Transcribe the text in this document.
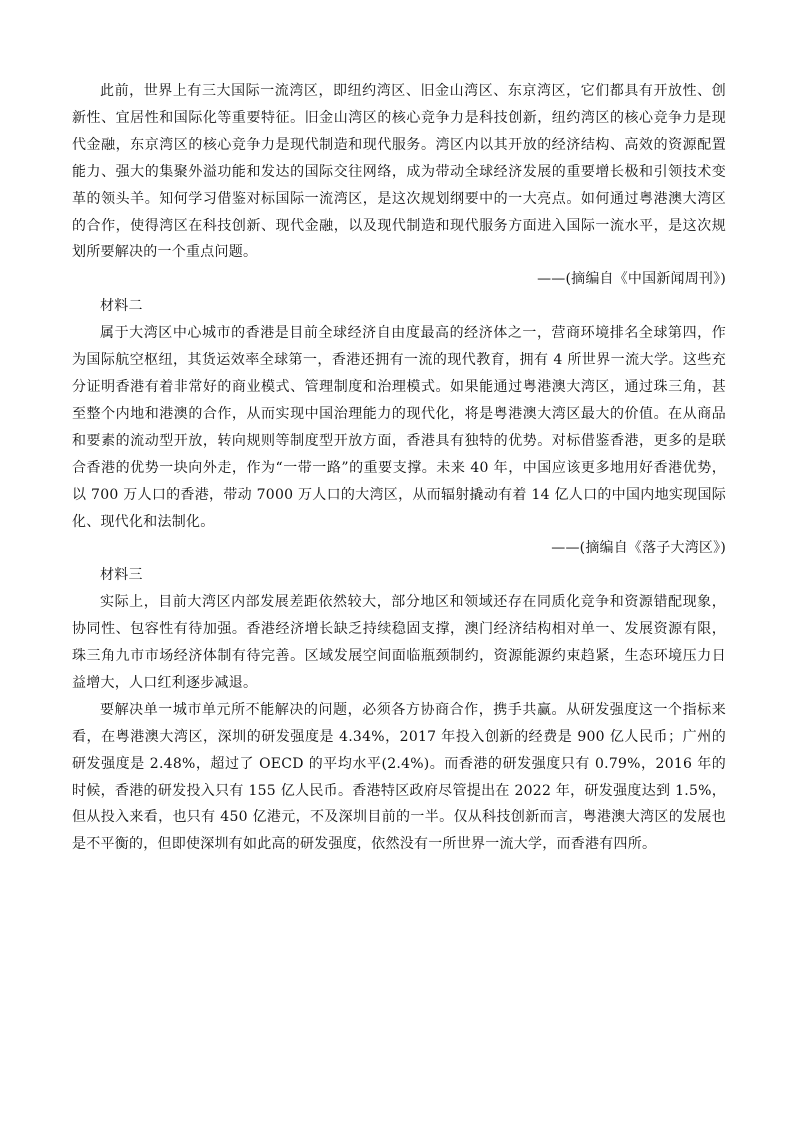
此前，世界上有三大国际一流湾区，即纽约湾区、旧金山湾区、东京湾区，它们都具有开放性、创新性、宜居性和国际化等重要特征。旧金山湾区的核心竞争力是科技创新，纽约湾区的核心竞争力是现代金融，东京湾区的核心竞争力是现代制造和现代服务。湾区内以其开放的经济结构、高效的资源配置能力、强大的集聚外溢功能和发达的国际交往网络，成为带动全球经济发展的重要增长极和引领技术变革的领头羊。知何学习借鉴对标国际一流湾区，是这次规划纲要中的一大亮点。如何通过粤港澳大湾区的合作，使得湾区在科技创新、现代金融，以及现代制造和现代服务方面进入国际一流水平，是这次规划所要解决的一个重点问题。

——(摘编自《中国新闻周刊》)

材料二

属于大湾区中心城市的香港是目前全球经济自由度最高的经济体之一，营商环境排名全球第四，作为国际航空枢纽，其货运效率全球第一，香港还拥有一流的现代教育，拥有 4 所世界一流大学。这些充分证明香港有着非常好的商业模式、管理制度和治理模式。如果能通过粤港澳大湾区，通过珠三角，甚至整个内地和港澳的合作，从而实现中国治理能力的现代化，将是粤港澳大湾区最大的价值。在从商品和要素的流动型开放，转向规则等制度型开放方面，香港具有独特的优势。对标借鉴香港，更多的是联合香港的优势一块向外走，作为“一带一路”的重要支撑。未来 40 年，中国应该更多地用好香港优势，以 700 万人口的香港，带动 7000 万人口的大湾区，从而辐射撬动有着 14 亿人口的中国内地实现国际化、现代化和法制化。

——(摘编自《落子大湾区》)

材料三

实际上，目前大湾区内部发展差距依然较大，部分地区和领域还存在同质化竞争和资源错配现象，协同性、包容性有待加强。香港经济增长缺乏持续稳固支撑，澳门经济结构相对单一、发展资源有限，珠三角九市市场经济体制有待完善。区域发展空间面临瓶颈制约，资源能源约束趋紧，生态环境压力日益增大，人口红利逐步减退。

要解决单一城市单元所不能解决的问题，必须各方协商合作，携手共赢。从研发强度这一个指标来看，在粤港澳大湾区，深圳的研发强度是 4.34%，2017 年投入创新的经费是 900 亿人民币；广州的研发强度是 2.48%，超过了 OECD 的平均水平(2.4%)。而香港的研发强度只有 0.79%，2016 年的时候，香港的研发投入只有 155 亿人民币。香港特区政府尽管提出在 2022 年，研发强度达到 1.5%，但从投入来看，也只有 450 亿港元，不及深圳目前的一半。仅从科技创新而言，粤港澳大湾区的发展也是不平衡的，但即使深圳有如此高的研发强度，依然没有一所世界一流大学，而香港有四所。
